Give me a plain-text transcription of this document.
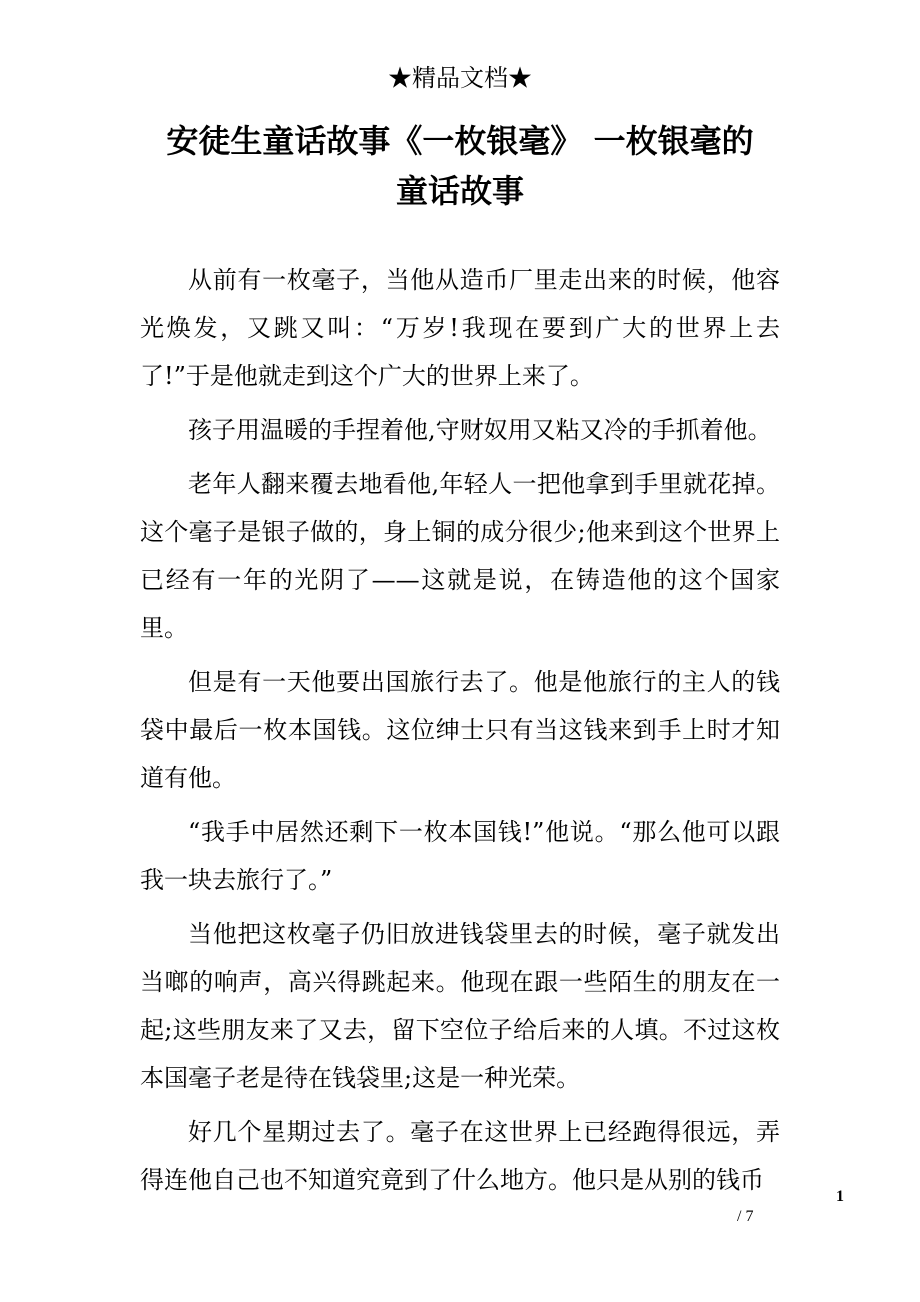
★精品文档★
安徒生童话故事《一枚银毫》 一枚银毫的
童话故事

从前有一枚毫子，当他从造币厂里走出来的时候，他容光焕发，又跳又叫：“万岁!我现在要到广大的世界上去了!”于是他就走到这个广大的世界上来了。

孩子用温暖的手捏着他,守财奴用又粘又冷的手抓着他。

老年人翻来覆去地看他,年轻人一把他拿到手里就花掉。这个毫子是银子做的，身上铜的成分很少;他来到这个世界上已经有一年的光阴了——这就是说，在铸造他的这个国家里。

但是有一天他要出国旅行去了。他是他旅行的主人的钱袋中最后一枚本国钱。这位绅士只有当这钱来到手上时才知道有他。

“我手中居然还剩下一枚本国钱!”他说。“那么他可以跟我一块去旅行了。”

当他把这枚毫子仍旧放进钱袋里去的时候，毫子就发出当啷的响声，高兴得跳起来。他现在跟一些陌生的朋友在一起;这些朋友来了又去，留下空位子给后来的人填。不过这枚本国毫子老是待在钱袋里;这是一种光荣。

好几个星期过去了。毫子在这世界上已经跑得很远，弄得连他自己也不知道究竟到了什么地方。他只是从别的钱币

1
/ 7
